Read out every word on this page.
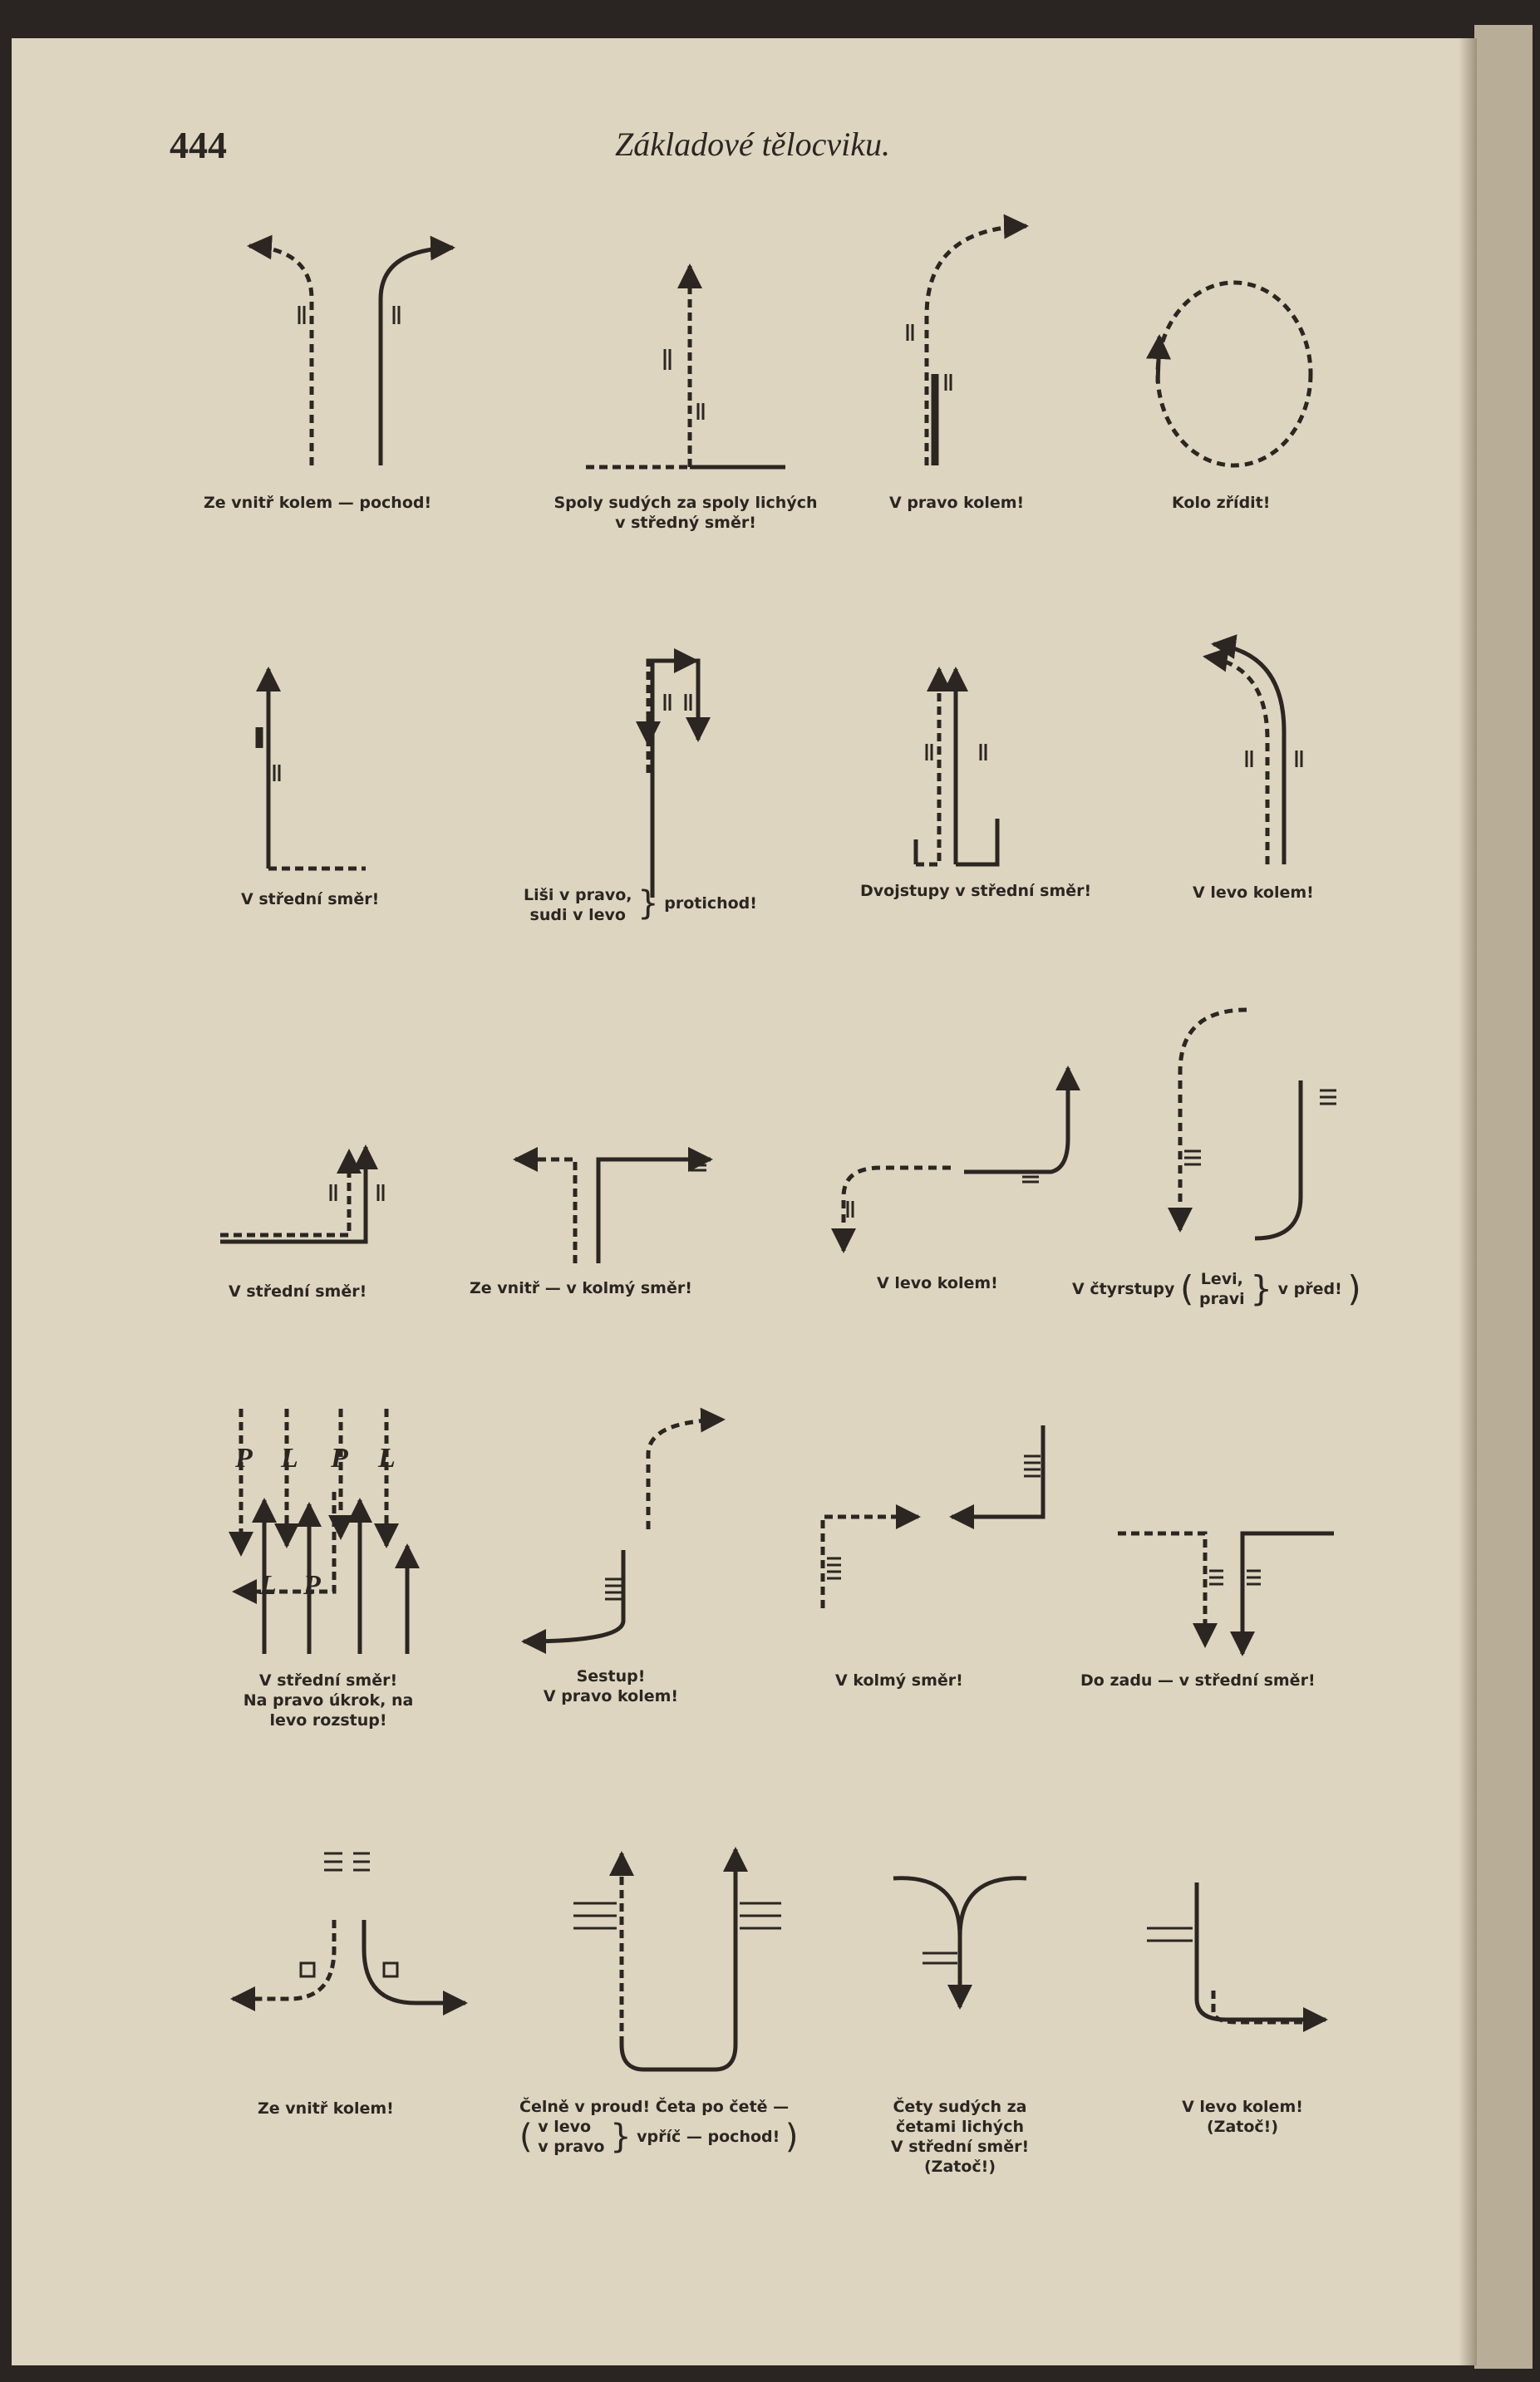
444	Základové tělocviku.
P L P L
L P
Ze vnitř kolem — pochod!	Spoly sudých za spoly lichých
v středný směr!
V pravo kolem!	Kolo zřídit!
V střední směr!	Liši v pravo,
sudi v levo } protichod!
Dvojstupy v střední směr!	V levo kolem!
V střední směr!	Ze vnitř — v kolmý směr!	V levo kolem!	V čtyrstupy ( Levi,
pravi } v před! )
V střední směr!
Na pravo úkrok, na
levo rozstup!
Sestup!
V pravo kolem!
V kolmý směr!	Do zadu — v střední směr!
Ze vnitř kolem!	Čelně v proud! Četa po četě —
( v levo
v pravo } vpříč — pochod! )
Čety sudých za
četami lichých
V střední směr!
(Zatoč!)
V levo kolem!
(Zatoč!)
